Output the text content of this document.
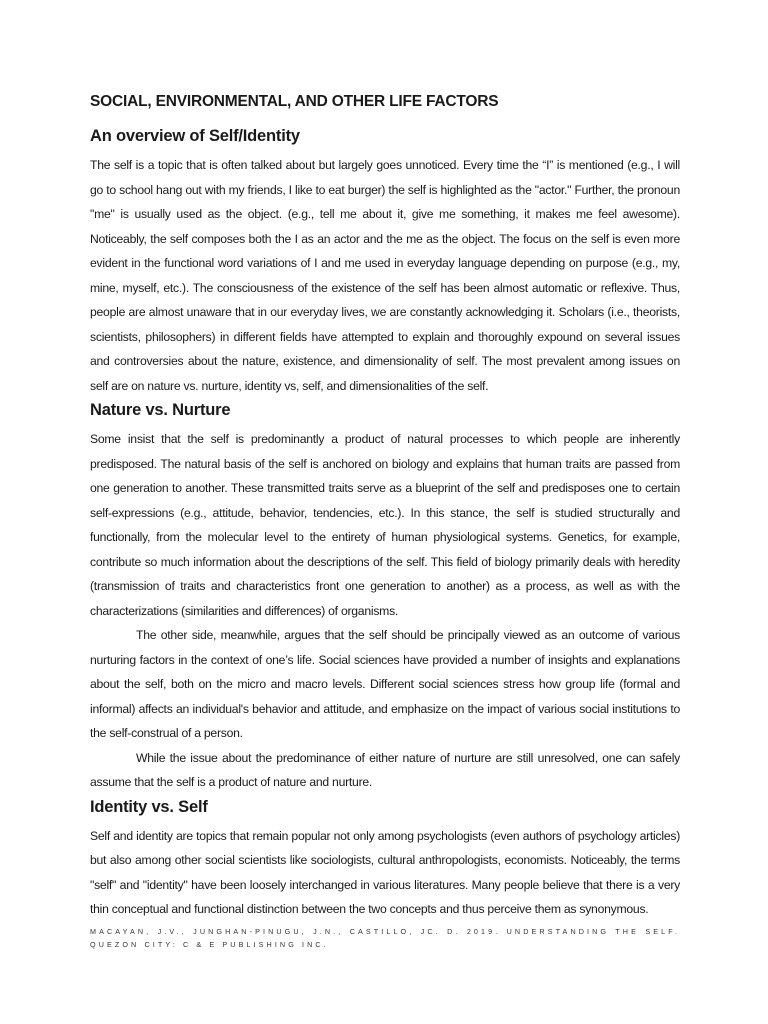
SOCIAL, ENVIRONMENTAL, AND OTHER LIFE FACTORS
An overview of Self/Identity

The self is a topic that is often talked about but largely goes unnoticed. Every time the “I” is mentioned (e.g., I will go to school hang out with my friends, I like to eat burger) the self is highlighted as the "actor." Further, the pronoun "me" is usually used as the object. (e.g., tell me about it, give me something, it makes me feel awesome). Noticeably, the self composes both the I as an actor and the me as the object. The focus on the self is even more evident in the functional word variations of I and me used in everyday language depending on purpose (e.g., my, mine, myself, etc.). The consciousness of the existence of the self has been almost automatic or reflexive. Thus, people are almost unaware that in our everyday lives, we are constantly acknowledging it. Scholars (i.e., theorists, scientists, philosophers) in different fields have attempted to explain and thoroughly expound on several issues and controversies about the nature, existence, and dimensionality of self. The most prevalent among issues on self are on nature vs. nurture, identity vs, self, and dimensionalities of the self.

Nature vs. Nurture

Some insist that the self is predominantly a product of natural processes to which people are inherently predisposed. The natural basis of the self is anchored on biology and explains that human traits are passed from one generation to another. These transmitted traits serve as a blueprint of the self and predisposes one to certain self-expressions (e.g., attitude, behavior, tendencies, etc.). In this stance, the self is studied structurally and functionally, from the molecular level to the entirety of human physiological systems. Genetics, for example, contribute so much information about the descriptions of the self. This field of biology primarily deals with heredity (transmission of traits and characteristics front one generation to another) as a process, as well as with the characterizations (similarities and differences) of organisms.

The other side, meanwhile, argues that the self should be principally viewed as an outcome of various nurturing factors in the context of one’s life. Social sciences have provided a number of insights and explanations about the self, both on the micro and macro levels. Different social sciences stress how group life (formal and informal) affects an individual's behavior and attitude, and emphasize on the impact of various social institutions to the self-construal of a person.

While the issue about the predominance of either nature of nurture are still unresolved, one can safely assume that the self is a product of nature and nurture.

Identity vs. Self

Self and identity are topics that remain popular not only among psychologists (even authors of psychology articles) but also among other social scientists like sociologists, cultural anthropologists, economists. Noticeably, the terms "self" and "identity" have been loosely interchanged in various literatures. Many people believe that there is a very thin conceptual and functional distinction between the two concepts and thus perceive them as synonymous.

MACAYAN, J.V., JUNGHAN-PINUGU, J.N., CASTILLO, JC. D. 2019. UNDERSTANDING THE SELF. QUEZON CITY: C & E PUBLISHING INC.
